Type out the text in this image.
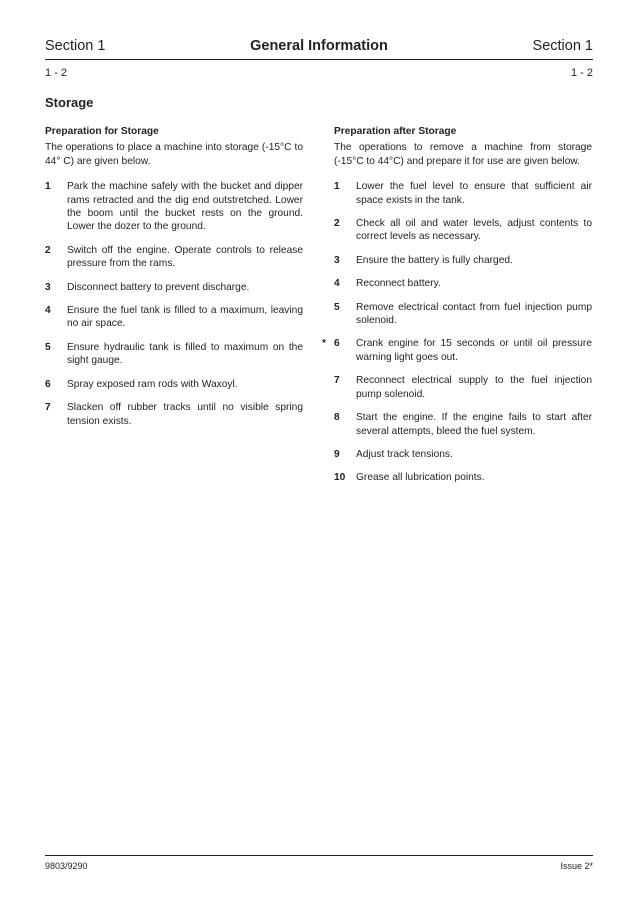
General Information
Section 1	Section 1
1 - 2	1 - 2
Storage
Preparation for Storage

The operations to place a machine into storage (-15°C to 44° C) are given below.

1 Park the machine safely with the bucket and dipper rams retracted and the dig end outstretched. Lower the boom until the bucket rests on the ground. Lower the dozer to the ground.
2 Switch off the engine. Operate controls to release pressure from the rams.
3 Disconnect battery to prevent discharge.
4 Ensure the fuel tank is filled to a maximum, leaving no air space.
5 Ensure hydraulic tank is filled to maximum on the sight gauge.
6 Spray exposed ram rods with Waxoyl.
7 Slacken off rubber tracks until no visible spring tension exists.
Preparation after Storage

The operations to remove a machine from storage (-15°C to 44°C) and prepare it for use are given below.

1 Lower the fuel level to ensure that sufficient air space exists in the tank.
2 Check all oil and water levels, adjust contents to correct levels as necessary.
3 Ensure the battery is fully charged.
4 Reconnect battery.
5 Remove electrical contact from fuel injection pump solenoid.
* 6 Crank engine for 15 seconds or until oil pressure warning light goes out.
7 Reconnect electrical supply to the fuel injection pump solenoid.
8 Start the engine. If the engine fails to start after several attempts, bleed the fuel system.
9 Adjust track tensions.
10 Grease all lubrication points.
9803/9290	Issue 2*
